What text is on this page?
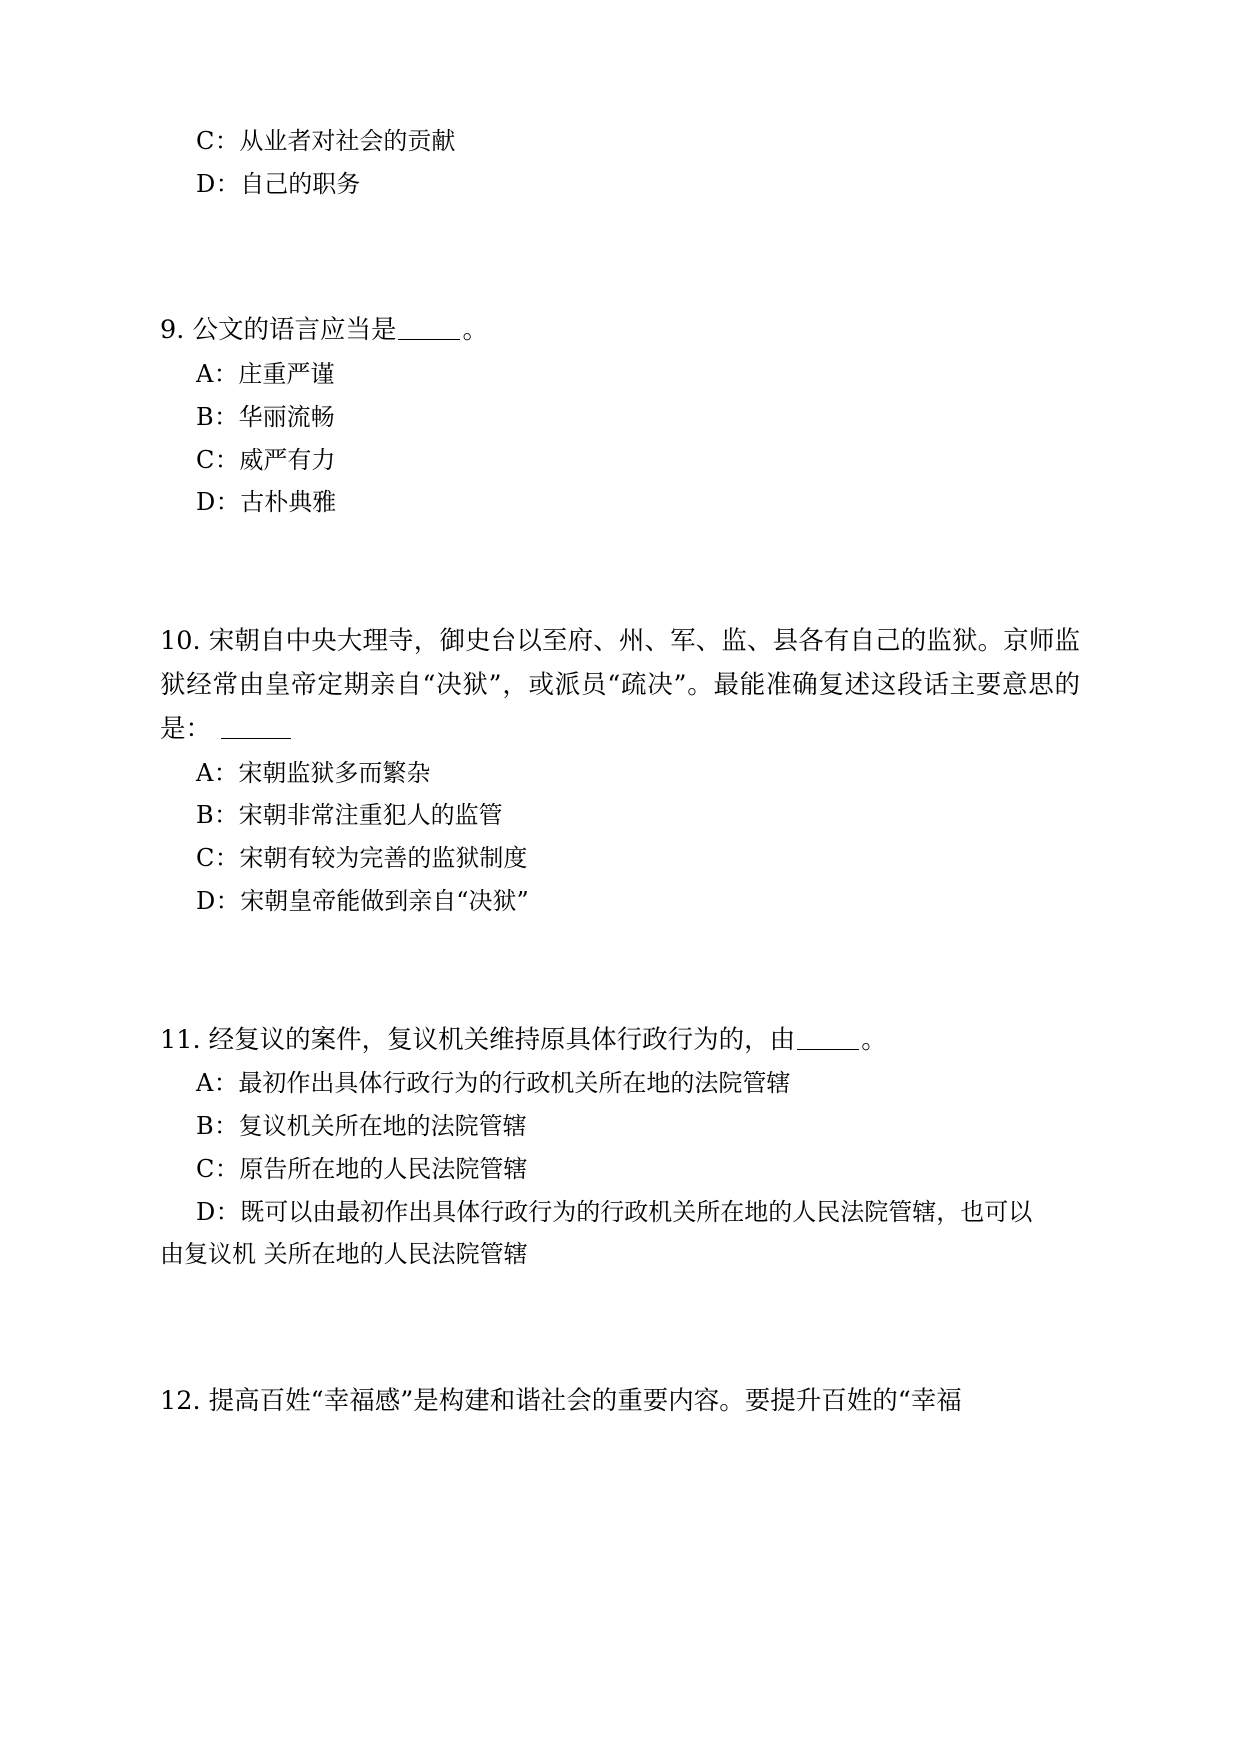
C：从业者对社会的贡献
D：自己的职务

9. 公文的语言应当是	。

A：庄重严谨
B：华丽流畅
C：威严有力
D：古朴典雅

10. 宋朝自中央大理寺，御史台以至府、州、军、监、县各有自己的监狱。京师监狱经常由皇帝定期亲自“决狱”，或派员“疏决”。最能准确复述这段话主要意思的是：

A：宋朝监狱多而繁杂
B：宋朝非常注重犯人的监管
C：宋朝有较为完善的监狱制度
D：宋朝皇帝能做到亲自“决狱”

11. 经复议的案件，复议机关维持原具体行政行为的，由	。

A：最初作出具体行政行为的行政机关所在地的法院管辖
B：复议机关所在地的法院管辖
C：原告所在地的人民法院管辖
D：既可以由最初作出具体行政行为的行政机关所在地的人民法院管辖，也可以
由复议机 关所在地的人民法院管辖

12. 提高百姓“幸福感”是构建和谐社会的重要内容。要提升百姓的“幸福
